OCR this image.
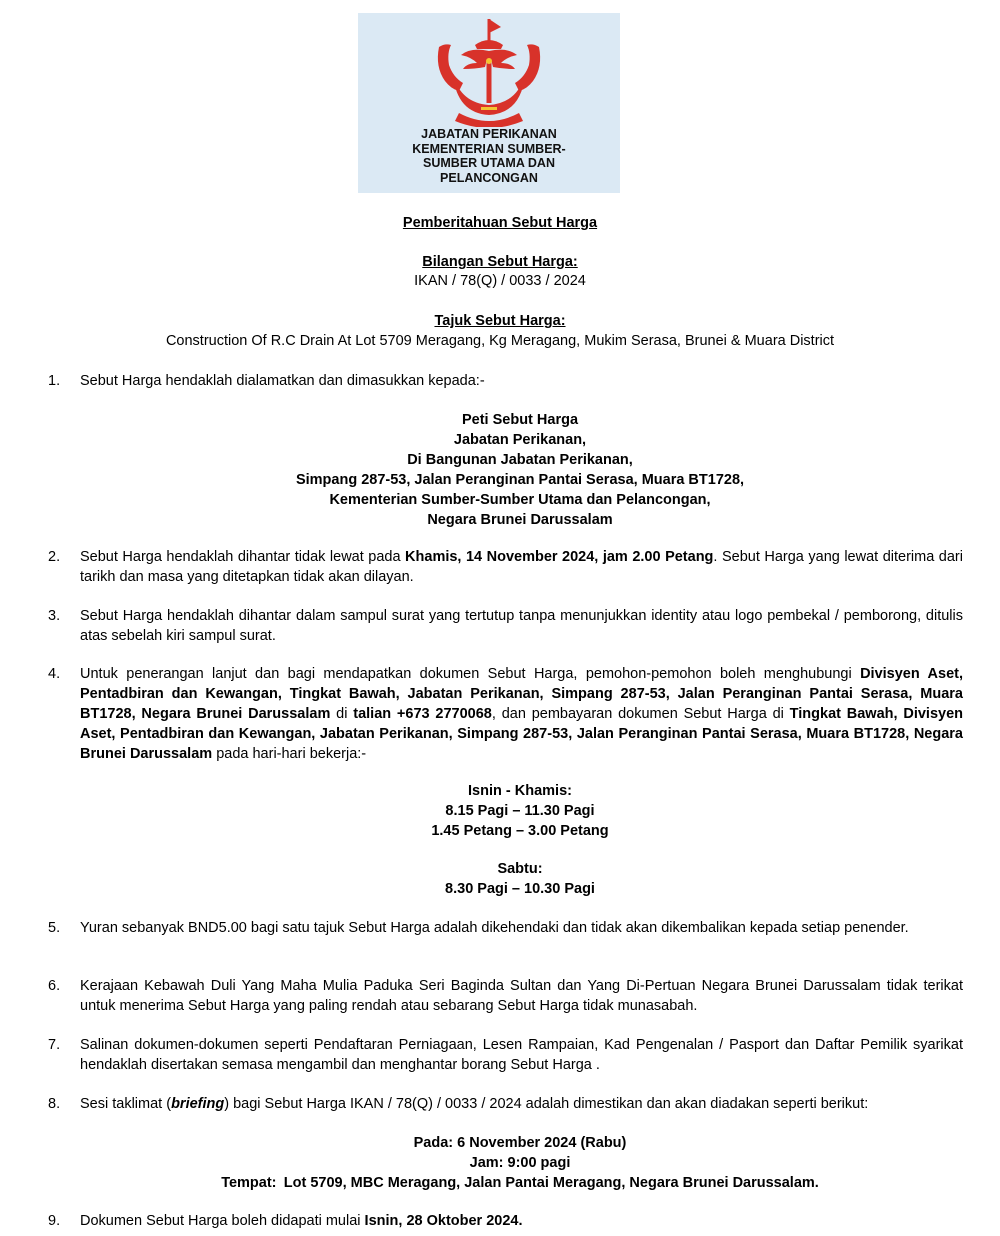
JABATAN PERIKANAN
KEMENTERIAN SUMBER-
SUMBER UTAMA DAN
PELANCONGAN
Pemberitahuan Sebut Harga
Bilangan Sebut Harga:
IKAN / 78(Q) / 0033 / 2024
Tajuk Sebut Harga:
Construction Of R.C Drain At Lot 5709 Meragang, Kg Meragang, Mukim Serasa, Brunei & Muara District
1. Sebut Harga hendaklah dialamatkan dan dimasukkan kepada:-
Peti Sebut Harga
Jabatan Perikanan,
Di Bangunan Jabatan Perikanan,
Simpang 287-53, Jalan Peranginan Pantai Serasa, Muara BT1728,
Kementerian Sumber-Sumber Utama dan Pelancongan,
Negara Brunei Darussalam
2. Sebut Harga hendaklah dihantar tidak lewat pada Khamis, 14 November 2024, jam 2.00 Petang. Sebut Harga yang lewat diterima dari tarikh dan masa yang ditetapkan tidak akan dilayan.
3. Sebut Harga hendaklah dihantar dalam sampul surat yang tertutup tanpa menunjukkan identity atau logo pembekal / pemborong, ditulis atas sebelah kiri sampul surat.
4. Untuk penerangan lanjut dan bagi mendapatkan dokumen Sebut Harga, pemohon-pemohon boleh menghubungi Divisyen Aset, Pentadbiran dan Kewangan, Tingkat Bawah, Jabatan Perikanan, Simpang 287-53, Jalan Peranginan Pantai Serasa, Muara BT1728, Negara Brunei Darussalam di talian +673 2770068, dan pembayaran dokumen Sebut Harga di Tingkat Bawah, Divisyen Aset, Pentadbiran dan Kewangan, Jabatan Perikanan, Simpang 287-53, Jalan Peranginan Pantai Serasa, Muara BT1728, Negara Brunei Darussalam pada hari-hari bekerja:-
Isnin - Khamis:
8.15 Pagi – 11.30 Pagi
1.45 Petang – 3.00 Petang
Sabtu:
8.30 Pagi – 10.30 Pagi
5. Yuran sebanyak BND5.00 bagi satu tajuk Sebut Harga adalah dikehendaki dan tidak akan dikembalikan kepada setiap penender.
6. Kerajaan Kebawah Duli Yang Maha Mulia Paduka Seri Baginda Sultan dan Yang Di-Pertuan Negara Brunei Darussalam tidak terikat untuk menerima Sebut Harga yang paling rendah atau sebarang Sebut Harga tidak munasabah.
7. Salinan dokumen-dokumen seperti Pendaftaran Perniagaan, Lesen Rampaian, Kad Pengenalan / Pasport dan Daftar Pemilik syarikat hendaklah disertakan semasa mengambil dan menghantar borang Sebut Harga .
8. Sesi taklimat (briefing) bagi Sebut Harga IKAN / 78(Q) / 0033 / 2024 adalah dimestikan dan akan diadakan seperti berikut:
Pada: 6 November 2024 (Rabu)
Jam: 9:00 pagi
Tempat: Lot 5709, MBC Meragang, Jalan Pantai Meragang, Negara Brunei Darussalam.
9. Dokumen Sebut Harga boleh didapati mulai Isnin, 28 Oktober 2024.
